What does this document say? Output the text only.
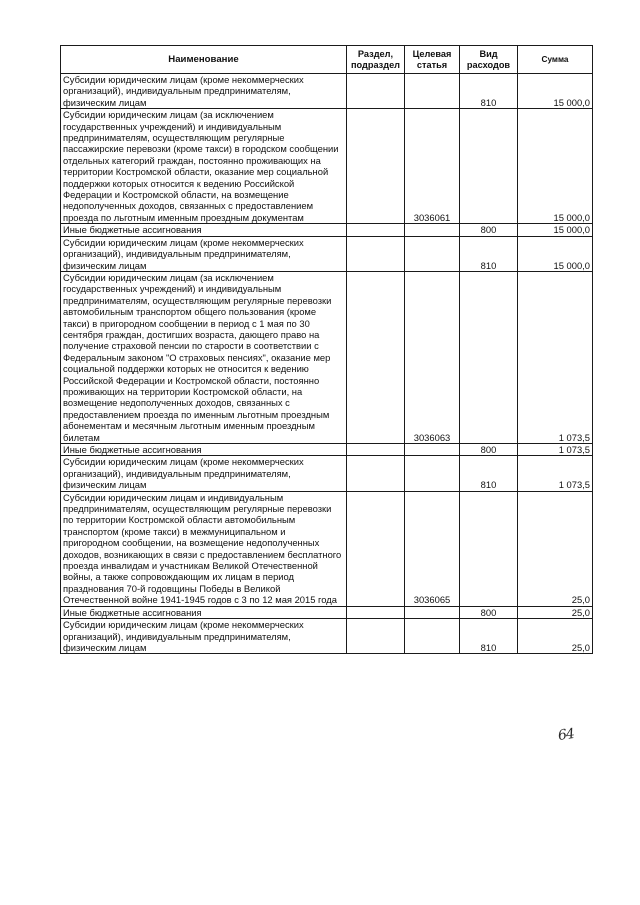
Наименование	Раздел, подраздел	Целевая статья	Вид расходов	Сумма
Субсидии юридическим лицам (кроме некоммерческих организаций), индивидуальным предпринимателям, физическим лицам			810	15 000,0
Субсидии юридическим лицам (за исключением государственных учреждений) и индивидуальным предпринимателям, осуществляющим регулярные пассажирские перевозки (кроме такси) в городском сообщении отдельных категорий граждан, постоянно проживающих на территории Костромской области, оказание мер социальной поддержки которых относится к ведению Российской Федерации и Костромской области, на возмещение недополученных доходов, связанных с предоставлением проезда по льготным именным проездным документам		3036061		15 000,0
Иные бюджетные ассигнования			800	15 000,0
Субсидии юридическим лицам (кроме некоммерческих организаций), индивидуальным предпринимателям, физическим лицам			810	15 000,0
Субсидии юридическим лицам (за исключением государственных учреждений) и индивидуальным предпринимателям, осуществляющим регулярные перевозки автомобильным транспортом общего пользования (кроме такси) в пригородном сообщении в период с 1 мая по 30 сентября граждан, достигших возраста, дающего право на получение страховой пенсии по старости в соответствии с Федеральным законом "О страховых пенсиях", оказание мер социальной поддержки которых не относится к ведению Российской Федерации и Костромской области, постоянно проживающих на территории Костромской области, на возмещение недополученных доходов, связанных с предоставлением проезда по именным льготным проездным абонементам и месячным льготным именным проездным билетам		3036063		1 073,5
Иные бюджетные ассигнования			800	1 073,5
Субсидии юридическим лицам (кроме некоммерческих организаций), индивидуальным предпринимателям, физическим лицам			810	1 073,5
Субсидии юридическим лицам и индивидуальным предпринимателям, осуществляющим регулярные перевозки по территории Костромской области автомобильным транспортом (кроме такси) в межмуниципальном и пригородном сообщении, на возмещение недополученных доходов, возникающих в связи с предоставлением бесплатного проезда инвалидам и участникам Великой Отечественной войны, а также сопровождающим их лицам в период празднования 70-й годовщины Победы в Великой Отечественной войне 1941-1945 годов с 3 по 12 мая 2015 года		3036065		25,0
Иные бюджетные ассигнования			800	25,0
Субсидии юридическим лицам (кроме некоммерческих организаций), индивидуальным предпринимателям, физическим лицам			810	25,0
64
